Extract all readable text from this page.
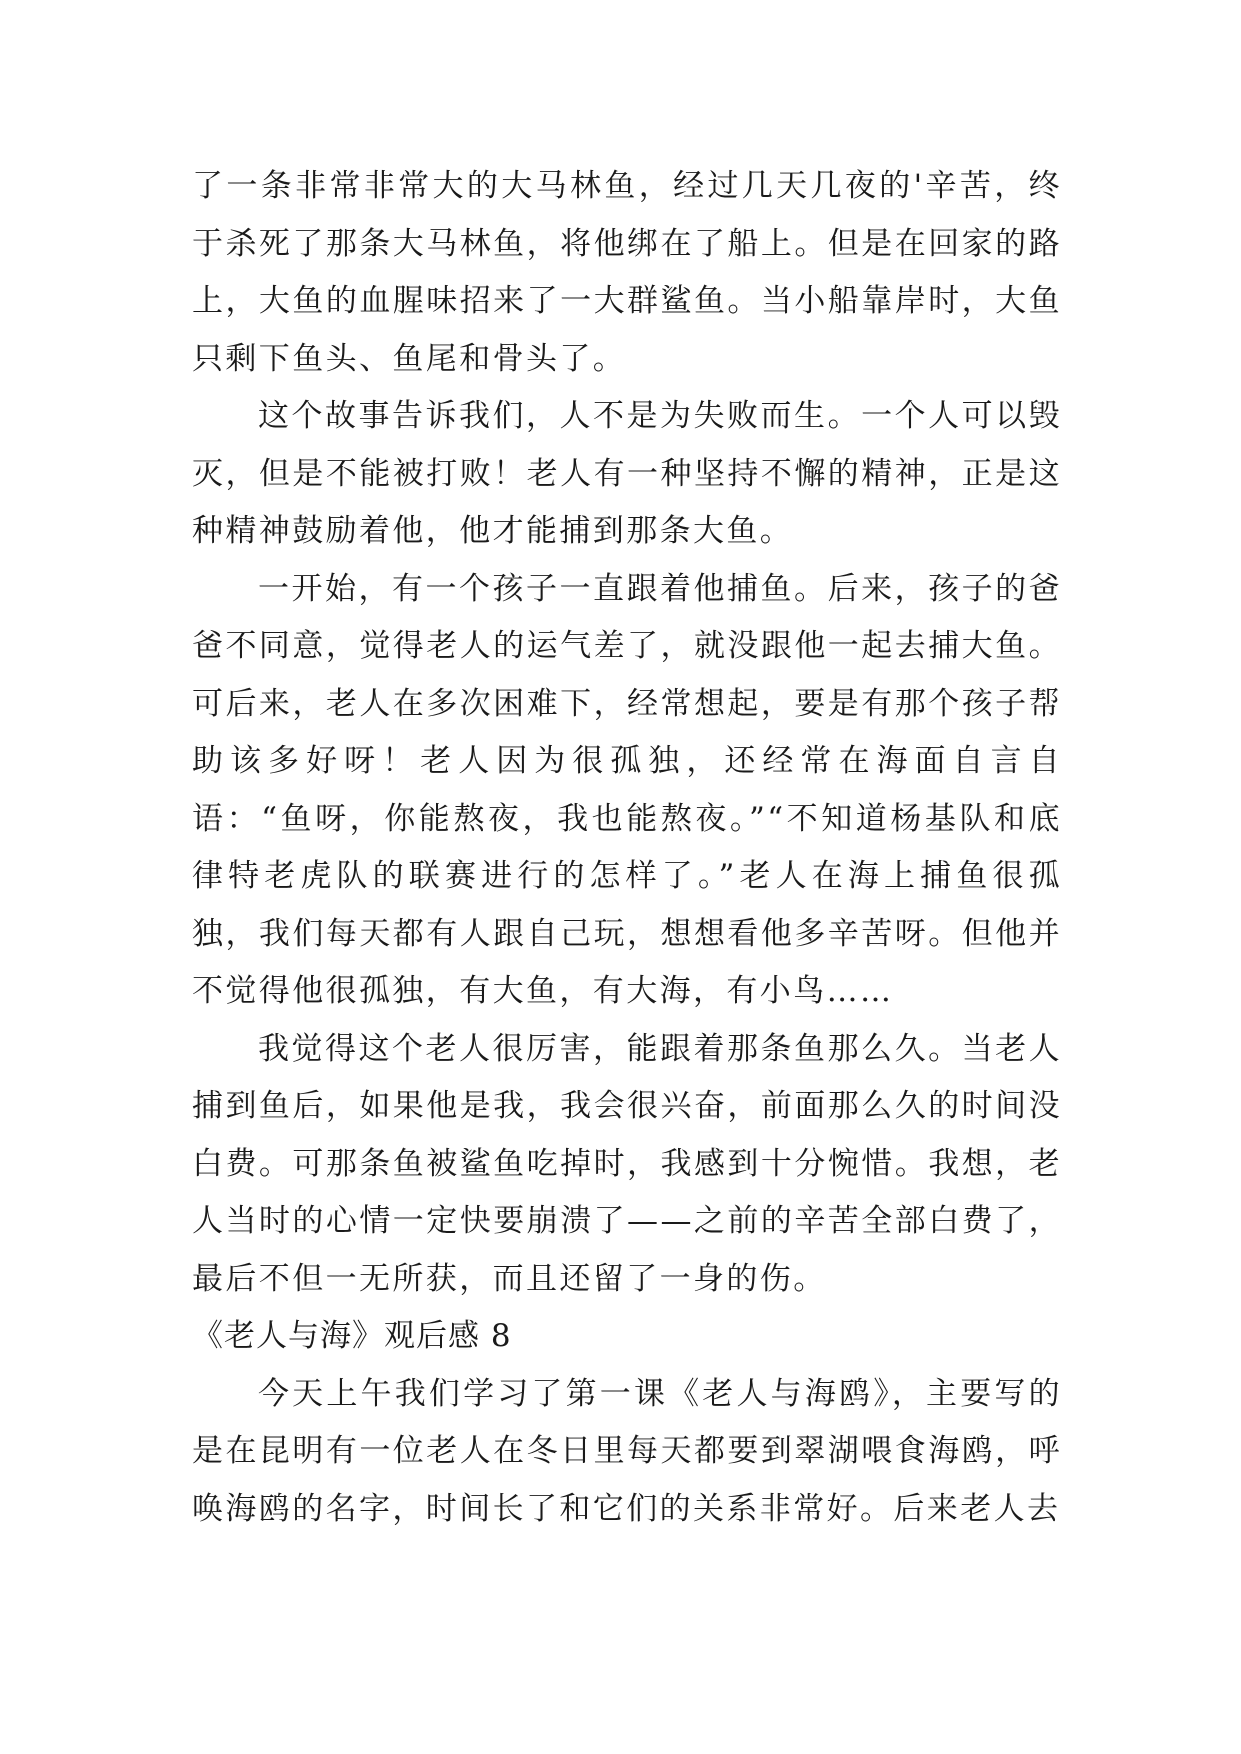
了一条非常非常大的大马林鱼，经过几天几夜的'辛苦，终于杀死了那条大马林鱼，将他绑在了船上。但是在回家的路上，大鱼的血腥味招来了一大群鲨鱼。当小船靠岸时，大鱼只剩下鱼头、鱼尾和骨头了。

这个故事告诉我们，人不是为失败而生。一个人可以毁灭，但是不能被打败！老人有一种坚持不懈的精神，正是这种精神鼓励着他，他才能捕到那条大鱼。

一开始，有一个孩子一直跟着他捕鱼。后来，孩子的爸爸不同意，觉得老人的运气差了，就没跟他一起去捕大鱼。可后来，老人在多次困难下，经常想起，要是有那个孩子帮助该多好呀！老人因为很孤独，还经常在海面自言自语：“鱼呀，你能熬夜，我也能熬夜。”“不知道杨基队和底律特老虎队的联赛进行的怎样了。”老人在海上捕鱼很孤独，我们每天都有人跟自己玩，想想看他多辛苦呀。但他并不觉得他很孤独，有大鱼，有大海，有小鸟……

我觉得这个老人很厉害，能跟着那条鱼那么久。当老人捕到鱼后，如果他是我，我会很兴奋，前面那么久的时间没白费。可那条鱼被鲨鱼吃掉时，我感到十分惋惜。我想，老人当时的心情一定快要崩溃了——之前的辛苦全部白费了，最后不但一无所获，而且还留了一身的伤。

《老人与海》观后感 8

今天上午我们学习了第一课《老人与海鸥》，主要写的是在昆明有一位老人在冬日里每天都要到翠湖喂食海鸥，呼唤海鸥的名字，时间长了和它们的关系非常好。后来老人去
